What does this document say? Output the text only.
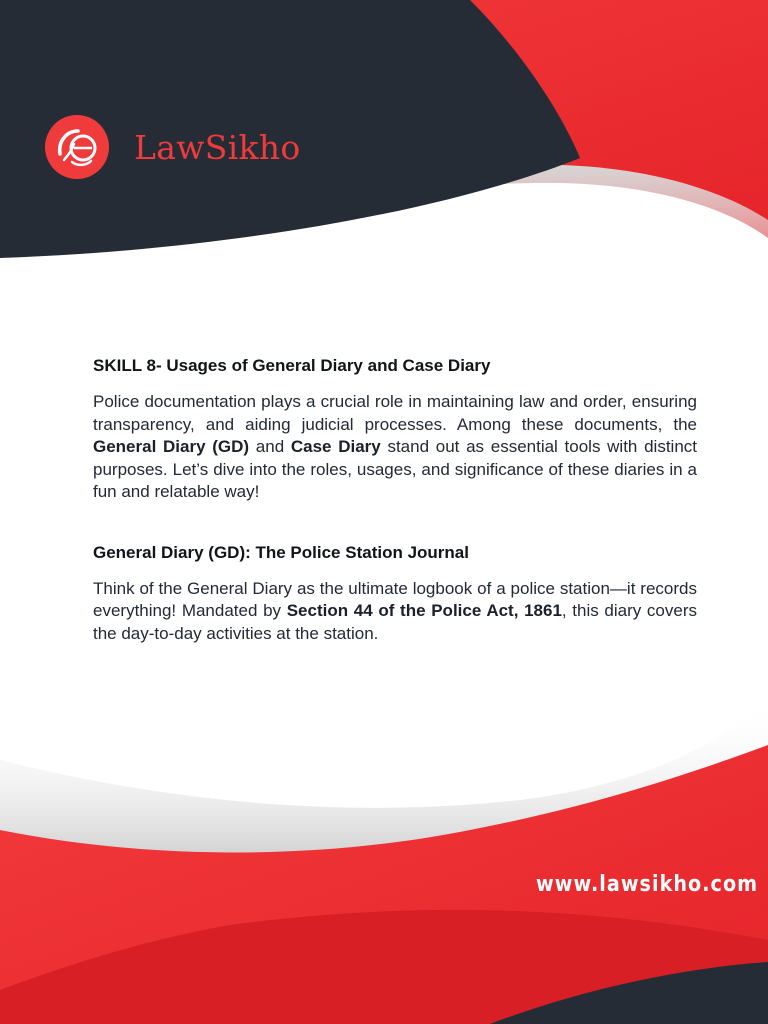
LawSikho

SKILL 8- Usages of General Diary and Case Diary

Police documentation plays a crucial role in maintaining law and order, ensuring transparency, and aiding judicial processes. Among these documents, the General Diary (GD) and Case Diary stand out as essential tools with distinct purposes. Let’s dive into the roles, usages, and significance of these diaries in a fun and relatable way!

General Diary (GD): The Police Station Journal

Think of the General Diary as the ultimate logbook of a police station—it records everything! Mandated by Section 44 of the Police Act, 1861, this diary covers the day-to-day activities at the station.

www.lawsikho.com
